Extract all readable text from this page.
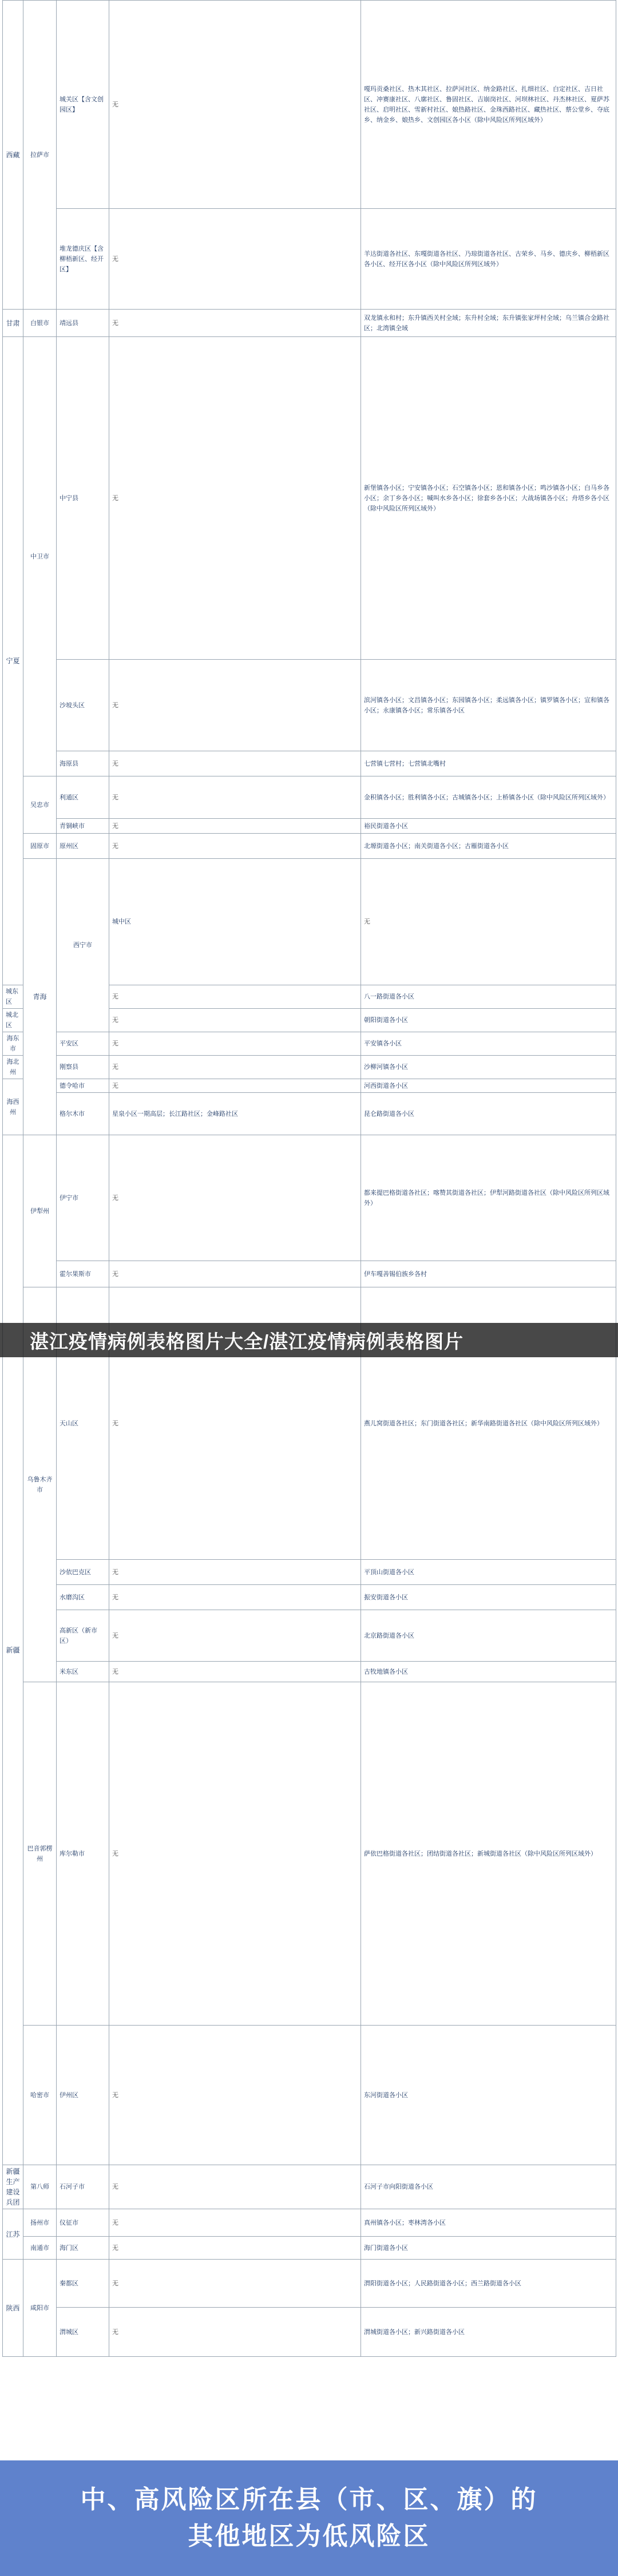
西藏	拉萨市	城关区【含文创园区】	无	嘎玛贡桑社区、热木其社区、拉萨河社区、纳金路社区、扎细社区、白定社区、吉日社区、冲赛康社区、八廓社区、鲁固社区、吉崩岗社区、河坝林社区、丹杰林社区、夏萨苏社区、启明社区、雪新村社区、娘热路社区、金珠西路社区、藏热社区、蔡公堂乡、夺底乡、纳金乡、娘热乡、文创园区各小区（除中风险区所列区域外）	
		堆龙德庆区【含柳梧新区、经开区】	无	羊达街道各社区、东嘎街道各社区、乃琼街道各社区、古荣乡、马乡、德庆乡、柳梧新区各小区、经开区各小区（除中风险区所列区域外）	
甘肃	白银市	靖远县	无	双龙镇永和村；东升镇西关村全域；东升村全域；东升镇张家坪村全域；乌兰镇合金路社区；北湾镇全域	
宁夏	中卫市	中宁县	无	新堡镇各小区；宁安镇各小区；石空镇各小区；恩和镇各小区；鸣沙镇各小区；白马乡各小区；余丁乡各小区；喊叫水乡各小区；徐套乡各小区；大战场镇各小区；舟塔乡各小区（除中风险区所列区域外）	
		沙坡头区	无	滨河镇各小区；文昌镇各小区；东园镇各小区；柔远镇各小区；镇罗镇各小区；宣和镇各小区；永康镇各小区；常乐镇各小区	
		海原县	无	七营镇七营村；七营镇北嘴村	
	吴忠市	利通区	无	金积镇各小区；胜利镇各小区；古城镇各小区；上桥镇各小区（除中风险区所列区域外）	
		青铜峡市	无	裕民街道各小区	
	固原市	原州区	无	北塬街道各小区；南关街道各小区；古雁街道各小区	
	青海	西宁市	城中区	无	
城东区			无	八一路街道各小区	
城北区			无	朝阳街道各小区	
海东市		平安区	无	平安镇各小区	
海北州		刚察县	无	沙柳河镇各小区	
海西州		德令哈市	无	河西街道各小区	
		格尔木市	星泉小区一期高层；长江路社区；金峰路社区	昆仑路街道各小区	
新疆	伊犁州	伊宁市	无	都来提巴格街道各社区；喀赞其街道各社区；伊犁河路街道各社区（除中风险区所列区域外）	
		霍尔果斯市	无	伊车嘎善锡伯族乡各村	
	乌鲁木齐市	天山区	无	燕儿窝街道各社区；东门街道各社区；新华南路街道各社区（除中风险区所列区域外）	
		沙依巴克区	无	平顶山街道各小区	
		水磨沟区	无	振安街道各小区	
		高新区（新市区）	无	北京路街道各小区	
		米东区	无	古牧地镇各小区	
	巴音郭楞州	库尔勒市	无	萨依巴格街道各社区；团结街道各社区；新城街道各社区（除中风险区所列区域外）	
	哈密市	伊州区	无	东河街道各小区	
新疆生产建设兵团	第八师	石河子市	无	石河子市向阳街道各小区	
江苏	扬州市	仪征市	无	真州镇各小区；枣林湾各小区	
	南通市	海门区	无	海门街道各小区	
陕西	咸阳市	秦都区	无	渭阳街道各小区；人民路街道各小区；西兰路街道各小区	
		渭城区	无	渭城街道各小区；新兴路街道各小区	
湛江疫情病例表格图片大全/湛江疫情病例表格图片
中、高风险区所在县（市、区、旗）的
其他地区为低风险区
